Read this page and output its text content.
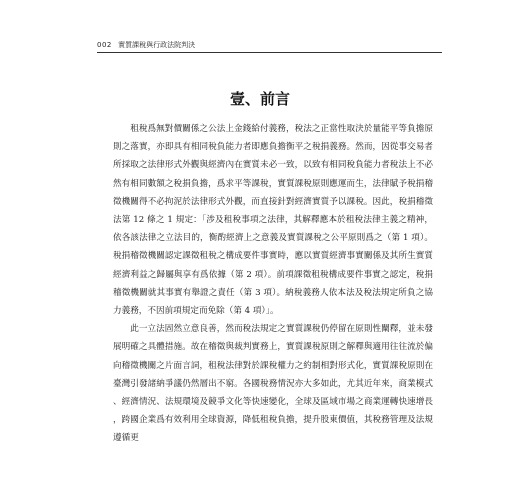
002 實質課稅與行政法院判決
壹、前言

租稅爲無對價關係之公法上金錢給付義務，稅法之正當性取決於量能平等負擔原則之落實，亦即具有相同稅負能力者即應負擔衡平之稅捐義務。然而，因從事交易者所採取之法律形式外觀與經濟內在實質未必一致，以致有相同稅負能力者稅法上不必然有相同數額之稅捐負擔，爲求平等課稅，實質課稅原則應運而生，法律賦予稅捐稽徵機關得不必拘泥於法律形式外觀，而直接針對經濟實質予以課稅。因此，稅捐稽徵法第 12 條之 1 規定：「涉及租稅事項之法律，其解釋應本於租稅法律主義之精神，依各該法律之立法目的，衡酌經濟上之意義及實質課稅之公平原則爲之（第 1 項）。稅捐稽徵機關認定課徵租稅之構成要件事實時，應以實質經濟事實關係及其所生實質經濟利益之歸屬與享有爲依據（第 2 項）。前項課徵租稅構成要件事實之認定，稅捐稽徵機關就其事實有舉證之責任（第 3 項）。納稅義務人依本法及稅法規定所負之協力義務，不因前項規定而免除（第 4 項）」。

此一立法固然立意良善，然而稅法規定之實質課稅仍停留在原則性闡釋，並未發展明確之具體措施。故在稽徵與裁判實務上，實質課稅原則之解釋與適用往往流於偏向稽徵機關之片面言詞，租稅法律對於課稅權力之約制相對形式化，實質課稅原則在臺灣引發諸納爭議仍然層出不窮。各國稅務情況亦大多如此，尤其近年來，商業模式、經濟情況、法規環境及競爭文化等快速變化，全球及區域市場之商業運轉快速增長，跨國企業爲有效利用全球資源，降低租稅負擔，提升股東價值，其稅務管理及法規遵循更
